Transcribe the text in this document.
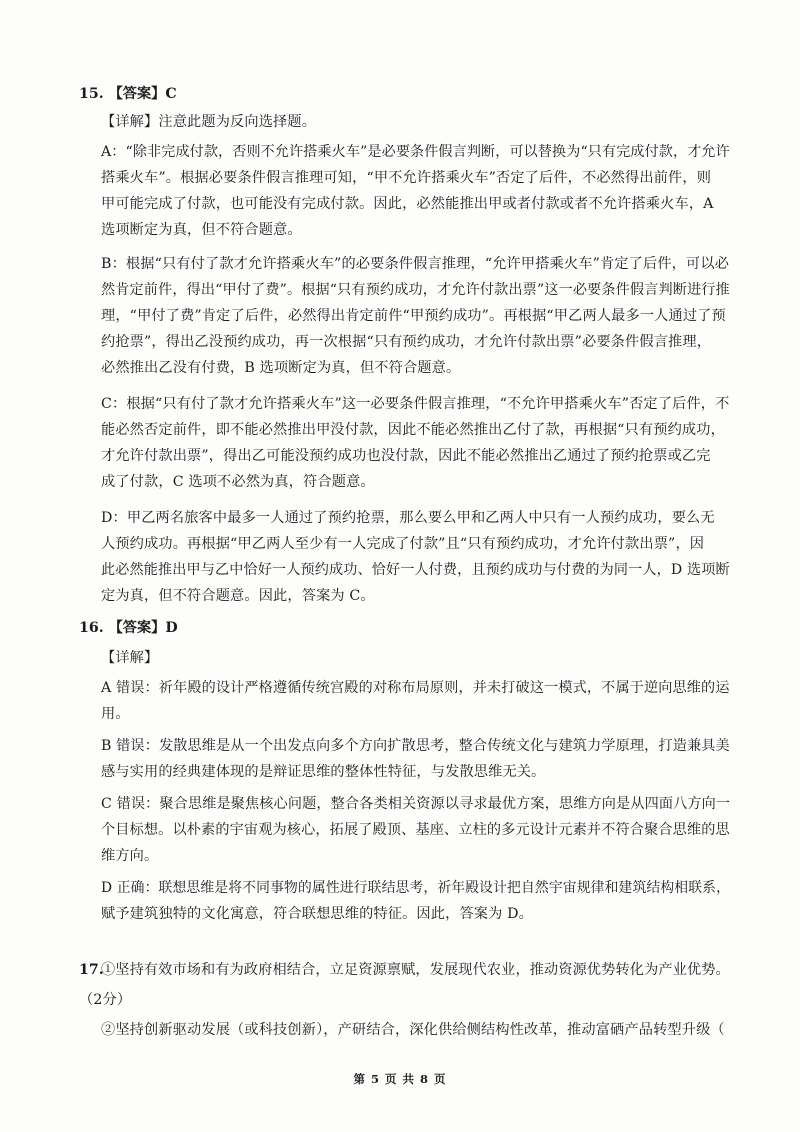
15. 【答案】C
【详解】注意此题为反向选择题。
A：“除非完成付款，否则不允许搭乘火车”是必要条件假言判断，可以替换为“只有完成付款，才允许
搭乘火车”。根据必要条件假言推理可知，“甲不允许搭乘火车”否定了后件，不必然得出前件，则
甲可能完成了付款，也可能没有完成付款。因此，必然能推出甲或者付款或者不允许搭乘火车，A
选项断定为真，但不符合题意。
B：根据“只有付了款才允许搭乘火车”的必要条件假言推理，“允许甲搭乘火车”肯定了后件，可以必
然肯定前件，得出“甲付了费”。根据“只有预约成功，才允许付款出票”这一必要条件假言判断进行推
理，“甲付了费”肯定了后件，必然得出肯定前件“甲预约成功”。再根据“甲乙两人最多一人通过了预
约抢票”，得出乙没预约成功，再一次根据“只有预约成功，才允许付款出票”必要条件假言推理，
必然推出乙没有付费，B 选项断定为真，但不符合题意。
C：根据“只有付了款才允许搭乘火车”这一必要条件假言推理，“不允许甲搭乘火车”否定了后件，不
能必然否定前件，即不能必然推出甲没付款，因此不能必然推出乙付了款，再根据“只有预约成功，
才允许付款出票”，得出乙可能没预约成功也没付款，因此不能必然推出乙通过了预约抢票或乙完
成了付款，C 选项不必然为真，符合题意。
D：甲乙两名旅客中最多一人通过了预约抢票，那么要么甲和乙两人中只有一人预约成功，要么无
人预约成功。再根据“甲乙两人至少有一人完成了付款”且“只有预约成功，才允许付款出票”，因
此必然能推出甲与乙中恰好一人预约成功、恰好一人付费，且预约成功与付费的为同一人，D 选项断
定为真，但不符合题意。因此，答案为 C。
16. 【答案】D
【详解】
A 错误：祈年殿的设计严格遵循传统宫殿的对称布局原则，并未打破这一模式，不属于逆向思维的运
用。
B 错误：发散思维是从一个出发点向多个方向扩散思考，整合传统文化与建筑力学原理，打造兼具美
感与实用的经典建体现的是辩证思维的整体性特征，与发散思维无关。
C 错误：聚合思维是聚焦核心问题，整合各类相关资源以寻求最优方案，思维方向是从四面八方向一
个目标想。以朴素的宇宙观为核心，拓展了殿顶、基座、立柱的多元设计元素并不符合聚合思维的思
维方向。
D 正确：联想思维是将不同事物的属性进行联结思考，祈年殿设计把自然宇宙规律和建筑结构相联系，
赋予建筑独特的文化寓意，符合联想思维的特征。因此，答案为 D。
17.
①坚持有效市场和有为政府相结合，立足资源禀赋，发展现代农业，推动资源优势转化为产业优势。
（2分）
②坚持创新驱动发展（或科技创新），产研结合，深化供给侧结构性改革，推动富硒产品转型升级（
第 5 页 共 8 页
